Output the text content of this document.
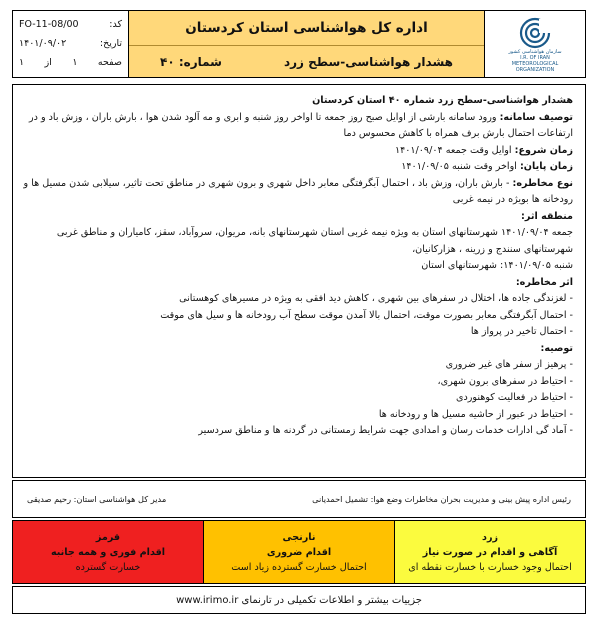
سازمان هواشناسی کشور
I.R. OF IRAN
METEOROLOGICAL
ORGANIZATION
اداره کل هواشناسی استان کردستان
هشدار هواشناسی-سطح زرد
شماره: ۴۰
کد:
FO-11-08/00
تاریخ:
۱۴۰۱/۰۹/۰۲
صفحه
۱
از
۱

هشدار هواشناسی-سطح زرد شماره ۴۰ استان کردستان

توصیف سامانه: ورود سامانه بارشی از اوایل صبح روز جمعه تا اواخر روز شنبه و ابری و مه آلود شدن هوا ، بارش باران ، وزش باد و در ارتفاعات احتمال بارش برف همراه با کاهش محسوس دما

زمان شروع: اوایل وقت جمعه ۱۴۰۱/۰۹/۰۴

زمان پایان: اواخر وقت شنبه ۱۴۰۱/۰۹/۰۵

نوع مخاطره: - بارش باران، وزش باد ، احتمال آبگرفتگی معابر داخل شهری و برون شهری در مناطق تحت تاثیر، سیلابی شدن مسیل ها و رودخانه ها بویژه در نیمه غربی

منطقه اثر:

جمعه ۱۴۰۱/۰۹/۰۴ شهرستانهای استان به ویژه نیمه غربی استان شهرستانهای بانه، مریوان، سروآباد، سقز، کامیاران و مناطق غربی شهرستانهای سنندج و زرینه ، هزارکانیان،

شنبه ۱۴۰۱/۰۹/۰۵: شهرستانهای استان

اثر مخاطره:

- لغزندگی جاده ها، اختلال در سفرهای بین شهری ، کاهش دید افقی به ویژه در مسیرهای کوهستانی

- احتمال آبگرفتگی معابر بصورت موقت، احتمال بالا آمدن موقت سطح آب رودخانه ها و سیل های موقت

- احتمال تاخیر در پرواز ها

توصیه:

- پرهیز از سفر های غیر ضروری

- احتیاط در سفرهای برون شهری،

- احتیاط در فعالیت کوهنوردی

- احتیاط در عبور از حاشیه مسیل ها و رودخانه ها

- آماد گی ادارات خدمات رسان و امدادی جهت شرایط زمستانی در گردنه ها و مناطق سردسیر

رئیس اداره پیش بینی و مدیریت بحران مخاطرات وضع هوا: تشمیل احمدیانی
مدیر کل هواشناسی استان: رحیم صدیقی
زرد
آگاهی و اقدام در صورت نیاز
احتمال وجود خسارت با خسارت نقطه ای
نارنجی
اقدام ضروری
احتمال خسارت گسترده زیاد است
قرمز
اقدام فوری و همه جانبه
خسارت گسترده
جزییات بیشتر و اطلاعات تکمیلی در تارنمای

www.irimo.ir
